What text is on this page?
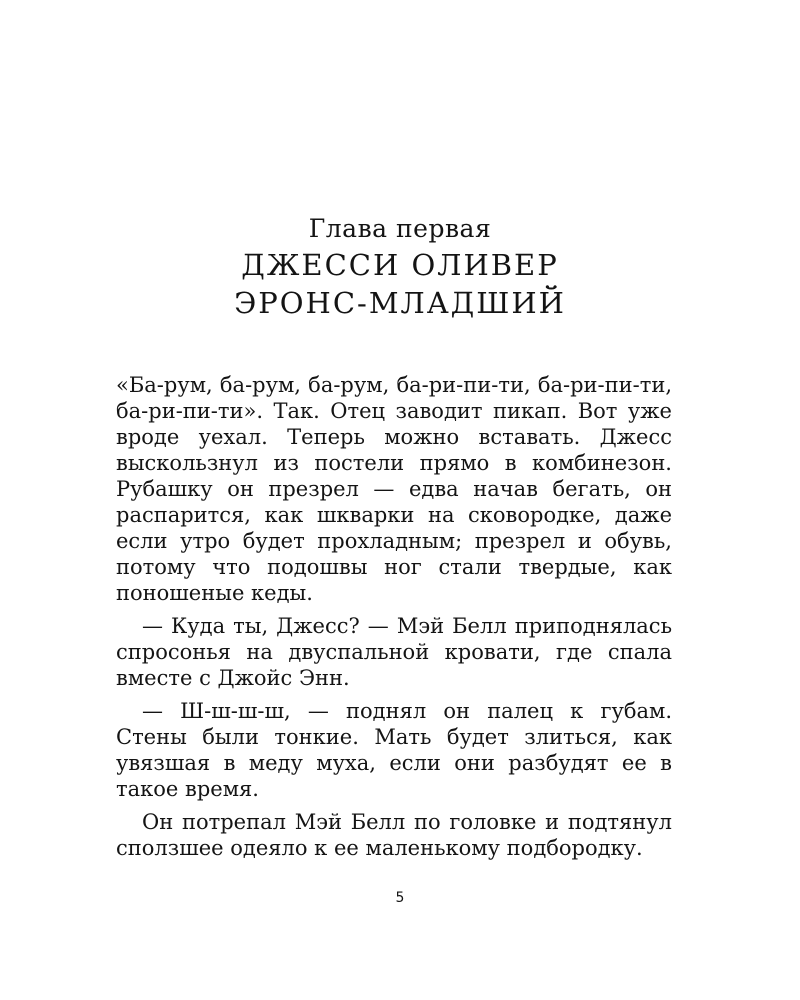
Глава первая
ДЖЕССИ ОЛИВЕР
ЭРОНС-МЛАДШИЙ

«Ба-рум, ба-рум, ба-рум, ба-ри-пи-ти, ба-ри-пи-ти, ба-ри-пи-ти». Так. Отец заводит пикап. Вот уже вроде уехал. Теперь можно вставать. Джесс выскользнул из постели прямо в комбинезон. Рубашку он презрел — едва начав бегать, он распарится, как шкварки на сковородке, даже если утро будет прохладным; презрел и обувь, потому что подошвы ног стали твердые, как поношеные кеды.

— Куда ты, Джесс? — Мэй Белл приподнялась спросонья на двуспальной кровати, где спала вместе с Джойс Энн.

— Ш-ш-ш-ш, — поднял он палец к губам. Стены были тонкие. Мать будет злиться, как увязшая в меду муха, если они разбудят ее в такое время.

Он потрепал Мэй Белл по головке и подтянул сползшее одеяло к ее маленькому подбородку.

5
